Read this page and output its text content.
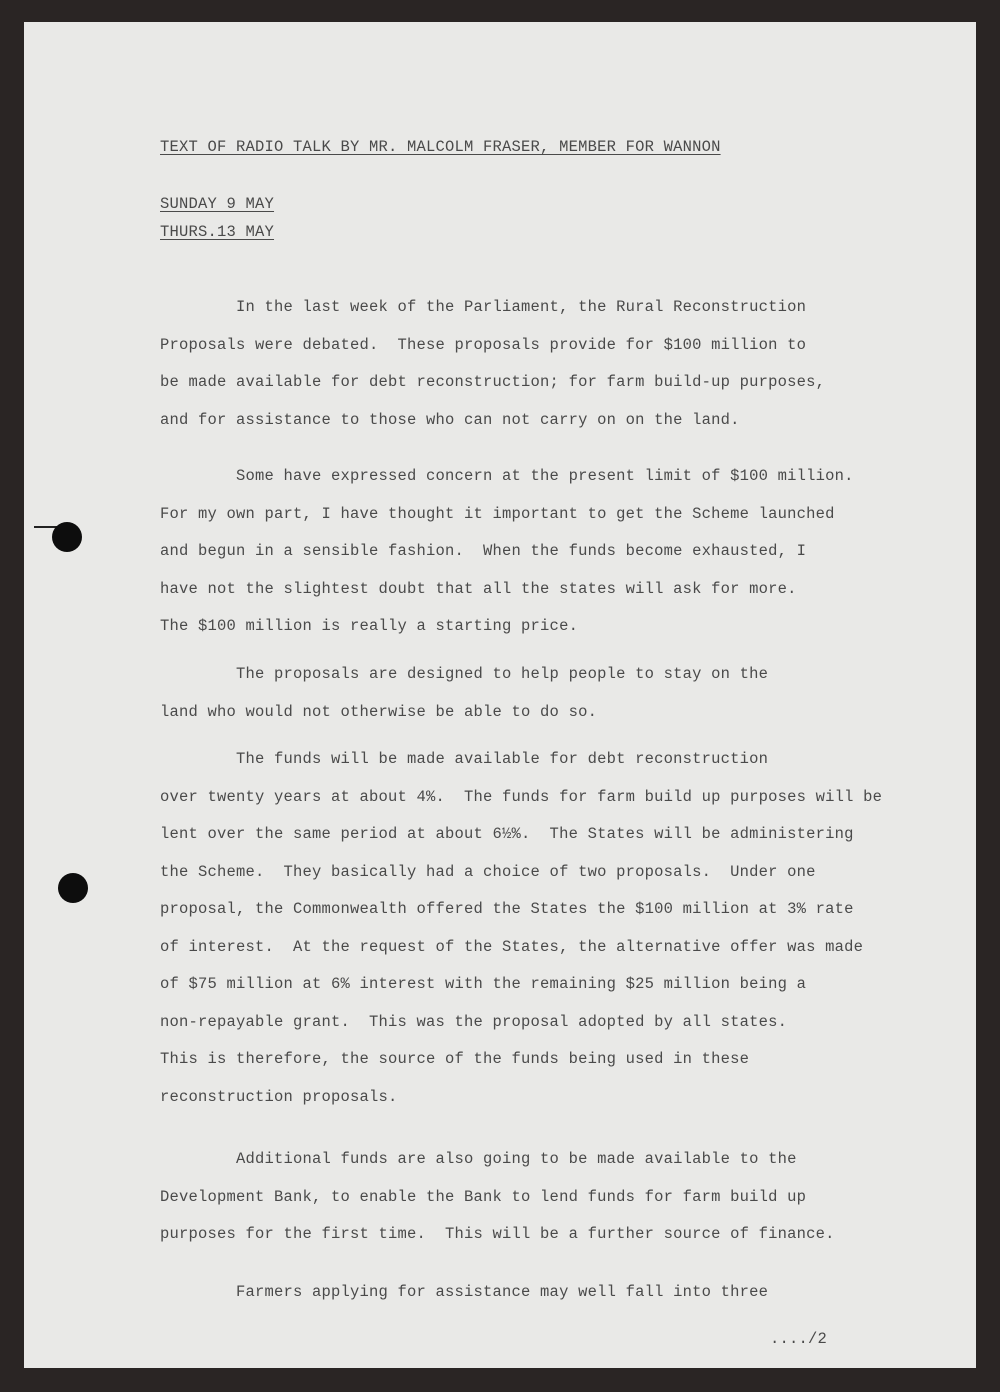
TEXT OF RADIO TALK BY MR. MALCOLM FRASER, MEMBER FOR WANNON
SUNDAY 9 MAY
THURS.13 MAY
In the last week of the Parliament, the Rural Reconstruction
Proposals were debated.  These proposals provide for $100 million to
be made available for debt reconstruction; for farm build-up purposes,
and for assistance to those who can not carry on on the land.
Some have expressed concern at the present limit of $100 million.
For my own part, I have thought it important to get the Scheme launched
and begun in a sensible fashion.  When the funds become exhausted, I
have not the slightest doubt that all the states will ask for more.
The $100 million is really a starting price.
The proposals are designed to help people to stay on the
land who would not otherwise be able to do so.
The funds will be made available for debt reconstruction
over twenty years at about 4%.  The funds for farm build up purposes will be
lent over the same period at about 6½%.  The States will be administering
the Scheme.  They basically had a choice of two proposals.  Under one
proposal, the Commonwealth offered the States the $100 million at 3% rate
of interest.  At the request of the States, the alternative offer was made
of $75 million at 6% interest with the remaining $25 million being a
non-repayable grant.  This was the proposal adopted by all states.
This is therefore, the source of the funds being used in these
reconstruction proposals.
Additional funds are also going to be made available to the
Development Bank, to enable the Bank to lend funds for farm build up
purposes for the first time.  This will be a further source of finance.
Farmers applying for assistance may well fall into three
..../2
